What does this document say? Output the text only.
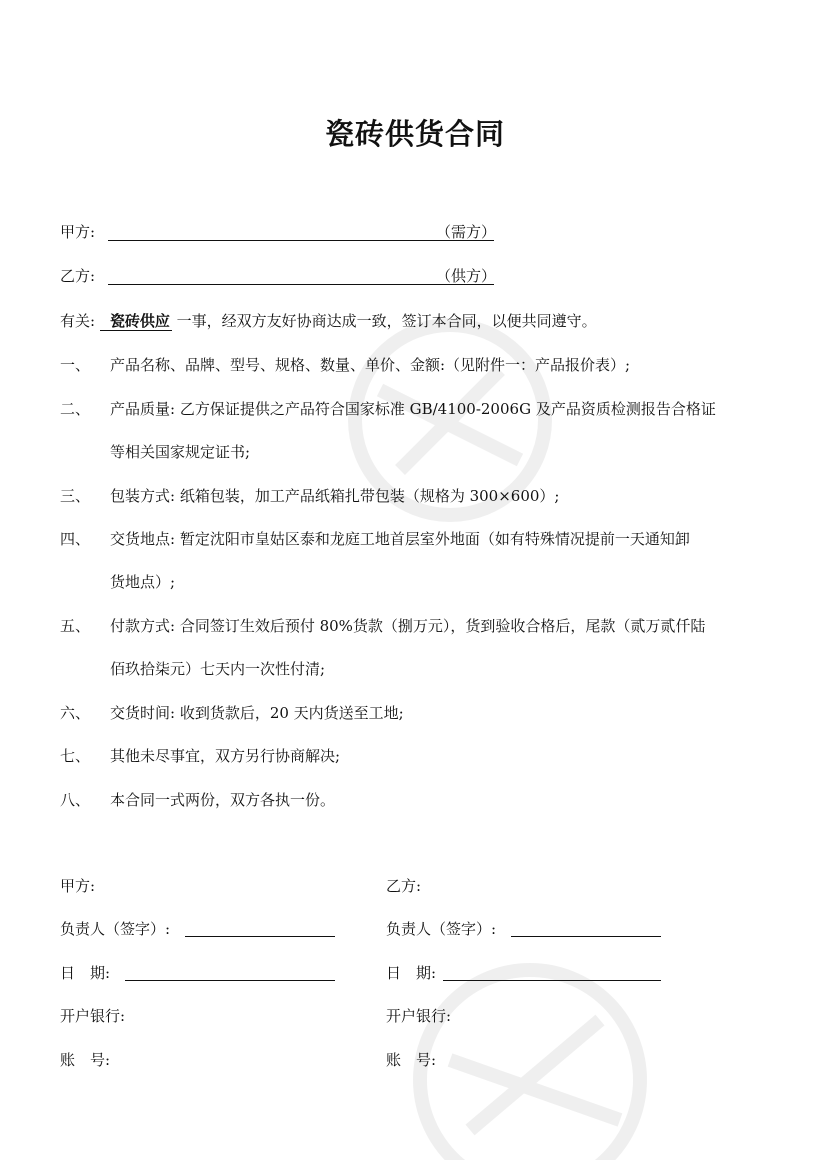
瓷砖供货合同
甲方:	（需方）
乙方:	（供方）
有关: 瓷砖供应 一事，经双方友好协商达成一致，签订本合同，以便共同遵守。
一、 产品名称、品牌、型号、规格、数量、单价、金额:（见附件一：产品报价表）;
二、 产品质量: 乙方保证提供之产品符合国家标准 GB/4100-2006G 及产品资质检测报告合格证
等相关国家规定证书;
三、 包装方式: 纸箱包装，加工产品纸箱扎带包装（规格为 300×600）;
四、 交货地点: 暂定沈阳市皇姑区泰和龙庭工地首层室外地面（如有特殊情况提前一天通知卸
货地点）;
五、 付款方式: 合同签订生效后预付 80%货款（捌万元），货到验收合格后，尾款（贰万贰仟陆
佰玖拾柒元）七天内一次性付清;
六、 交货时间: 收到货款后，20 天内货送至工地;
七、 其他未尽事宜，双方另行协商解决;
八、 本合同一式两份，双方各执一份。
甲方:
负责人（签字）:
日　期:
开户银行:
账　号:
乙方:
负责人（签字）:
日　期:
开户银行:
账　号:
